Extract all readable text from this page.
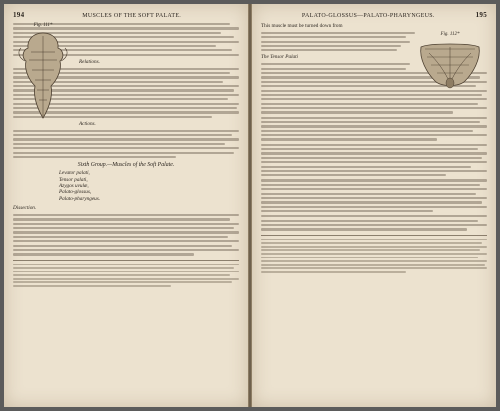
194	MUSCLES OF THE SOFT PALATE.
Fig. 111*

Relations.

Actions.

Sixth Group.—Muscles of the Soft Palate.
Levator palati,
Tensor palati,
Azygos uvulæ,
Palato-glossus,
Palato-pharyngeus.

Dissection.

PALATO-GLOSSUS—PALATO-PHARYNGEUS.	195

This muscle must be turned down from

Fig. 112*

The Tensor Palati
